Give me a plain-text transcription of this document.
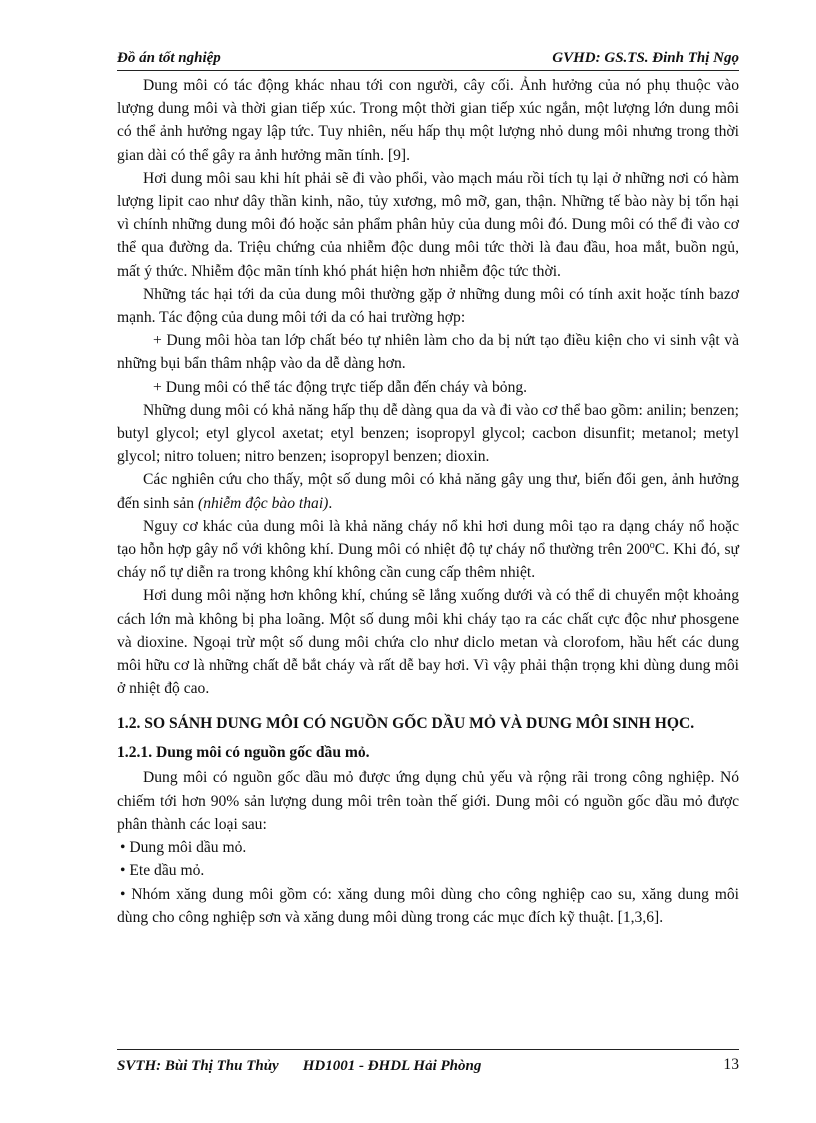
Đồ án tốt nghiệp	GVHD: GS.TS. Đinh Thị Ngọ

Dung môi có tác động khác nhau tới con người, cây cối. Ảnh hưởng của nó phụ thuộc vào lượng dung môi và thời gian tiếp xúc. Trong một thời gian tiếp xúc ngắn, một lượng lớn dung môi có thể ảnh hưởng ngay lập tức. Tuy nhiên, nếu hấp thụ một lượng nhỏ dung môi nhưng trong thời gian dài có thể gây ra ảnh hưởng mãn tính. [9].

Hơi dung môi sau khi hít phải sẽ đi vào phổi, vào mạch máu rồi tích tụ lại ở những nơi có hàm lượng lipit cao như dây thần kinh, não, tủy xương, mô mỡ, gan, thận. Những tế bào này bị tổn hại vì chính những dung môi đó hoặc sản phẩm phân hủy của dung môi đó. Dung môi có thể đi vào cơ thể qua đường da. Triệu chứng của nhiễm độc dung môi tức thời là đau đầu, hoa mắt, buồn ngủ, mất ý thức. Nhiễm độc mãn tính khó phát hiện hơn nhiễm độc tức thời.

Những tác hại tới da của dung môi thường gặp ở những dung môi có tính axit hoặc tính bazơ mạnh. Tác động của dung môi tới da có hai trường hợp:

+ Dung môi hòa tan lớp chất béo tự nhiên làm cho da bị nứt tạo điều kiện cho vi sinh vật và những bụi bẩn thâm nhập vào da dễ dàng hơn.

+ Dung môi có thể tác động trực tiếp dẫn đến cháy và bỏng.

Những dung môi có khả năng hấp thụ dễ dàng qua da và đi vào cơ thể bao gồm: anilin; benzen; butyl glycol; etyl glycol axetat; etyl benzen; isopropyl glycol; cacbon disunfit; metanol; metyl glycol; nitro toluen; nitro benzen; isopropyl benzen; dioxin.

Các nghiên cứu cho thấy, một số dung môi có khả năng gây ung thư, biến đổi gen, ảnh hưởng đến sinh sản (nhiễm độc bào thai).

Nguy cơ khác của dung môi là khả năng cháy nổ khi hơi dung môi tạo ra dạng cháy nổ hoặc tạo hỗn hợp gây nổ với không khí. Dung môi có nhiệt độ tự cháy nổ thường trên 200$^o$C. Khi đó, sự cháy nổ tự diễn ra trong không khí không cần cung cấp thêm nhiệt.

Hơi dung môi nặng hơn không khí, chúng sẽ lắng xuống dưới và có thể di chuyển một khoảng cách lớn mà không bị pha loãng. Một số dung môi khi cháy tạo ra các chất cực độc như phosgene và dioxine. Ngoại trừ một số dung môi chứa clo như diclo metan và clorofom, hầu hết các dung môi hữu cơ là những chất dễ bắt cháy và rất dễ bay hơi. Vì vậy phải thận trọng khi dùng dung môi ở nhiệt độ cao.

1.2. SO SÁNH DUNG MÔI CÓ NGUỒN GỐC DẦU MỎ VÀ DUNG MÔI SINH HỌC.
1.2.1. Dung môi có nguồn gốc dầu mỏ.

Dung môi có nguồn gốc dầu mỏ được ứng dụng chủ yếu và rộng rãi trong công nghiệp. Nó chiếm tới hơn 90% sản lượng dung môi trên toàn thế giới. Dung môi có nguồn gốc dầu mỏ được phân thành các loại sau:

• Dung môi dầu mỏ.

• Ete dầu mỏ.

• Nhóm xăng dung môi gồm có: xăng dung môi dùng cho công nghiệp cao su, xăng dung môi dùng cho công nghiệp sơn và xăng dung môi dùng trong các mục đích kỹ thuật. [1,3,6].

SVTH: Bùi Thị Thu Thủy HD1001 - ĐHDL Hải Phòng	13
